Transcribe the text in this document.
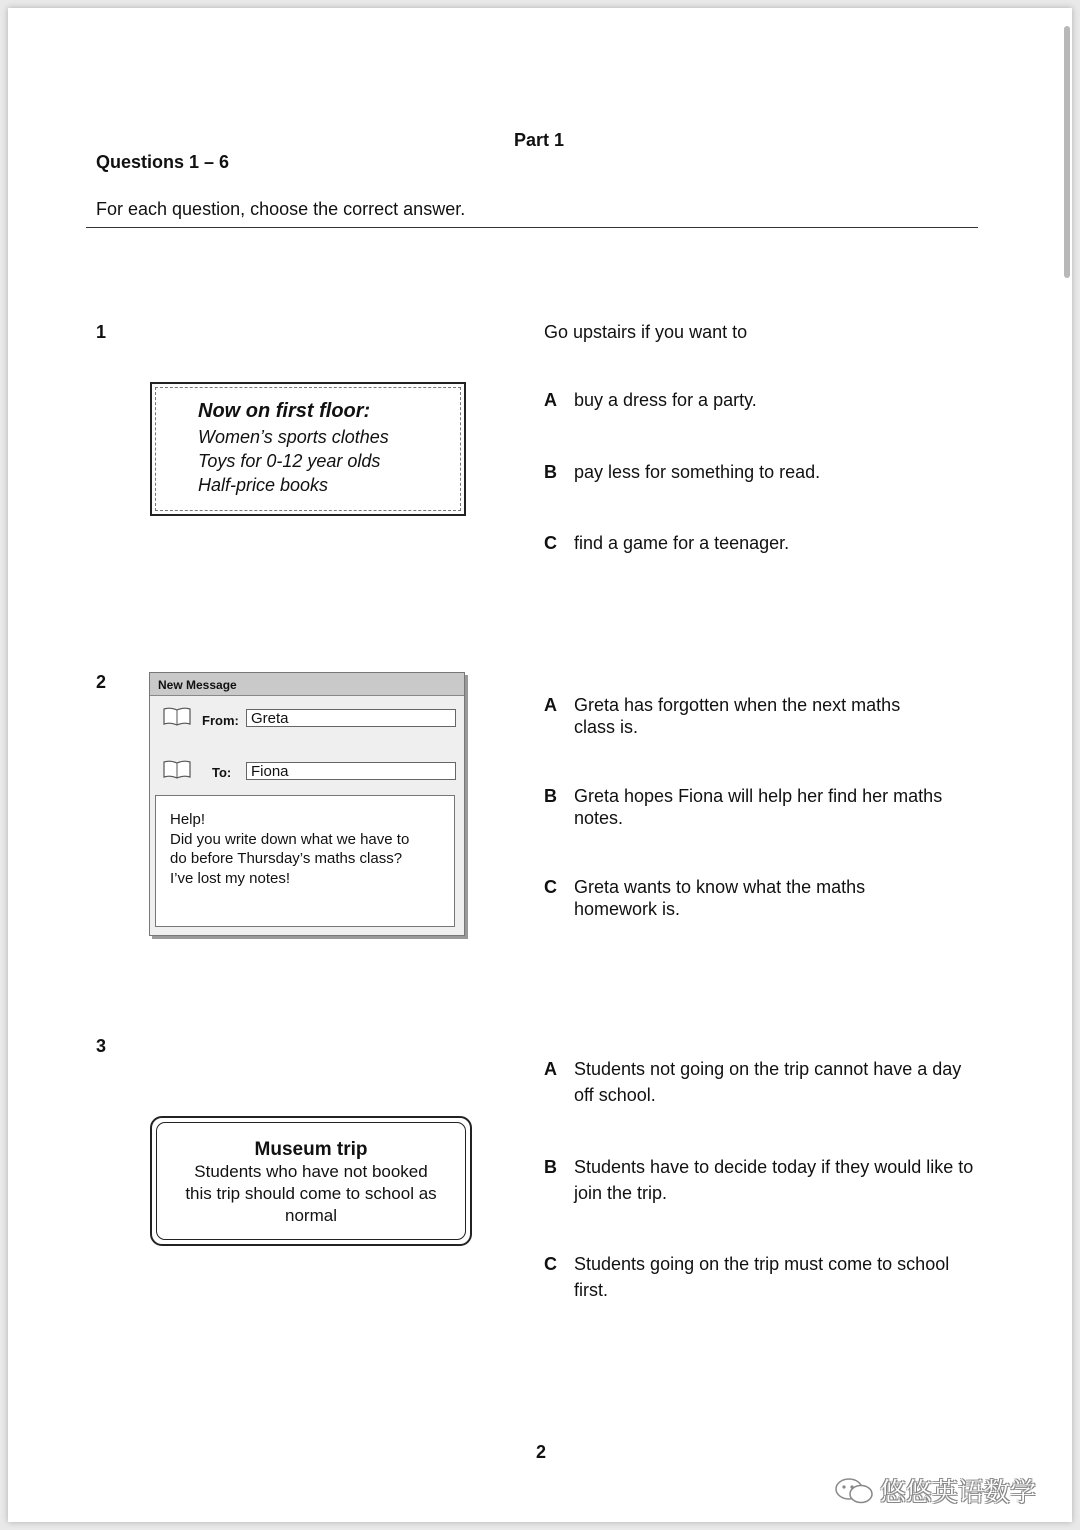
Part 1
Questions 1 – 6
For each question, choose the correct answer.
1	Go upstairs if you want to
Now on first floor:
Women’s sports clothes
Toys for 0-12 year olds
Half-price books
A buy a dress for a party.
B pay less for something to read.
C find a game for a teenager.
2	New Message
From: Greta
To:	Fiona
Help!
Did you write down what we have to
do before Thursday’s maths class?
I’ve lost my notes!
A Greta has forgotten when the next maths class is.
B Greta hopes Fiona will help her find her maths notes.
C Greta wants to know what the maths homework is.
3
Museum trip
Students who have not booked
this trip should come to school as
normal
A Students not going on the trip cannot have a day off school.
B Students have to decide today if they would like to join the trip.
C Students going on the trip must come to school first.
2
悠悠英语数学
